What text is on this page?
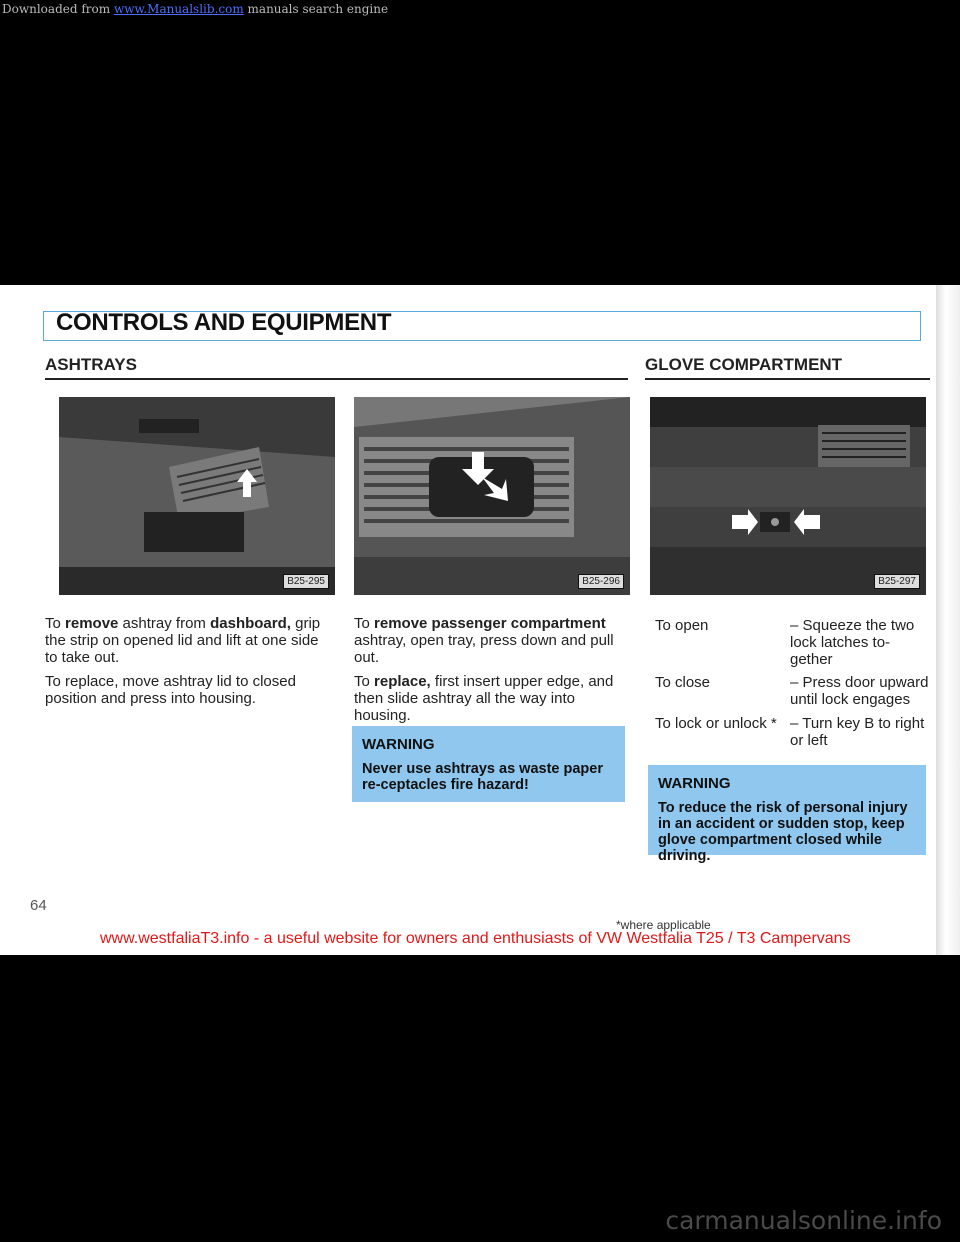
Downloaded from www.Manualslib.com manuals search engine
CONTROLS AND EQUIPMENT
ASHTRAYS
B25-295	B25-296
To remove ashtray from dashboard, grip the strip on opened lid and lift at one side to take out.
To replace, move ashtray lid to closed position and press into housing.
To remove passenger compartment ashtray, open tray, press down and pull out.
To replace, first insert upper edge, and then slide ashtray all the way into housing.
WARNING
Never use ashtrays as waste paper re-ceptacles fire hazard!
GLOVE COMPARTMENT
B25-297
To open	– Squeeze the two lock latches to-gether
To close	– Press door upward until lock engages
To lock or unlock * – Turn key B to right or left
WARNING
To reduce the risk of personal injury in an accident or sudden stop, keep glove compartment closed while driving.
64
*where applicable
www.westfaliaT3.info - a useful website for owners and enthusiasts of VW Westfalia T25 / T3 Campervans
carmanualsonline.info
